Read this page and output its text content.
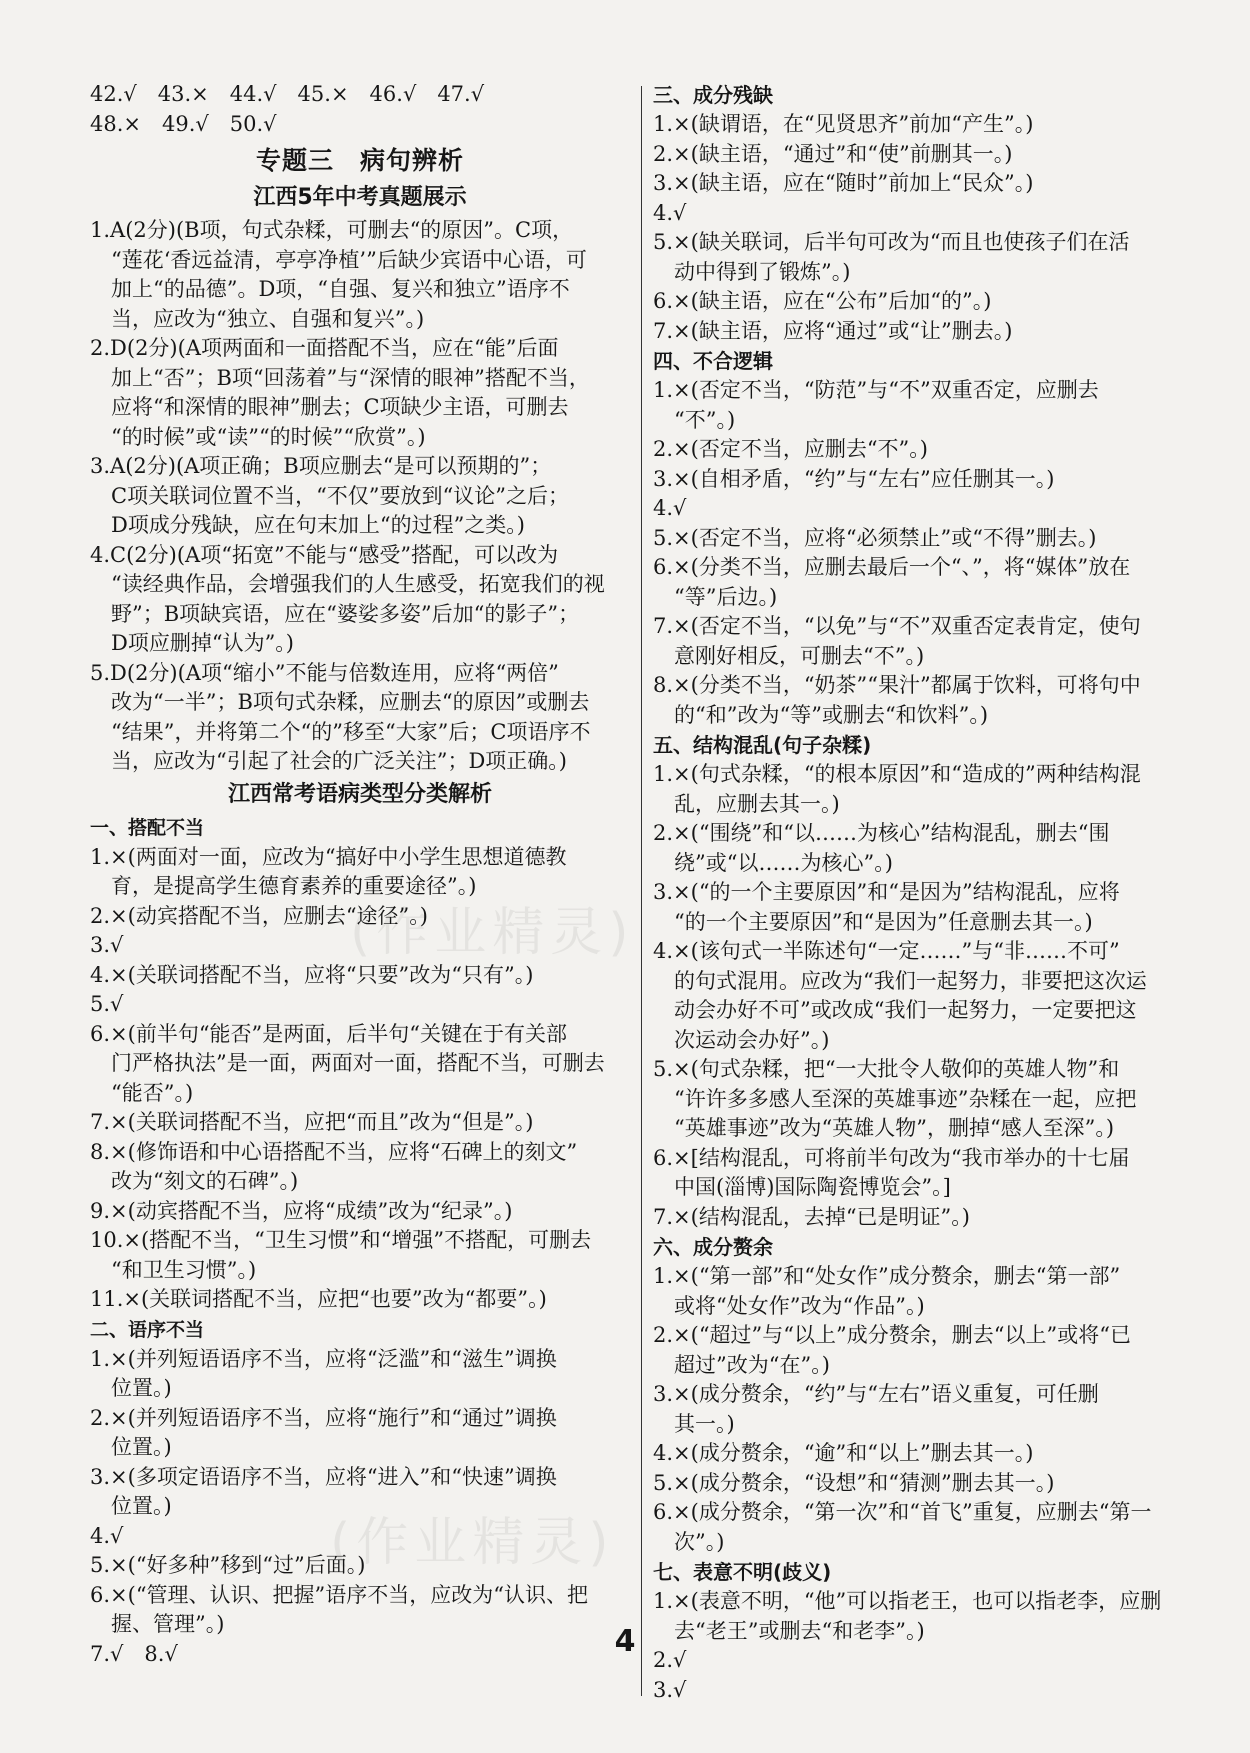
42.√　43.×　44.√　45.×　46.√　47.√
48.×　49.√　50.√
专题三　病句辨析
江西5年中考真题展示
1.A(2分)(B项，句式杂糅，可删去“的原因”。C项，
“莲花‘香远益清，亭亭净植’”后缺少宾语中心语，可
加上“的品德”。D项，“自强、复兴和独立”语序不
当，应改为“独立、自强和复兴”。)
2.D(2分)(A项两面和一面搭配不当，应在“能”后面
加上“否”；B项“回荡着”与“深情的眼神”搭配不当，
应将“和深情的眼神”删去；C项缺少主语，可删去
“的时候”或“读”“的时候”“欣赏”。)
3.A(2分)(A项正确；B项应删去“是可以预期的”；
C项关联词位置不当，“不仅”要放到“议论”之后；
D项成分残缺，应在句末加上“的过程”之类。)
4.C(2分)(A项“拓宽”不能与“感受”搭配，可以改为
“读经典作品，会增强我们的人生感受，拓宽我们的视
野”；B项缺宾语，应在“婆娑多姿”后加“的影子”；
D项应删掉“认为”。)
5.D(2分)(A项“缩小”不能与倍数连用，应将“两倍”
改为“一半”；B项句式杂糅，应删去“的原因”或删去
“结果”，并将第二个“的”移至“大家”后；C项语序不
当，应改为“引起了社会的广泛关注”；D项正确。)
江西常考语病类型分类解析
一、搭配不当
1.×(两面对一面，应改为“搞好中小学生思想道德教
育，是提高学生德育素养的重要途径”。)
2.×(动宾搭配不当，应删去“途径”。)
3.√
4.×(关联词搭配不当，应将“只要”改为“只有”。)
5.√
6.×(前半句“能否”是两面，后半句“关键在于有关部
门严格执法”是一面，两面对一面，搭配不当，可删去
“能否”。)
7.×(关联词搭配不当，应把“而且”改为“但是”。)
8.×(修饰语和中心语搭配不当，应将“石碑上的刻文”
改为“刻文的石碑”。)
9.×(动宾搭配不当，应将“成绩”改为“纪录”。)
10.×(搭配不当，“卫生习惯”和“增强”不搭配，可删去
“和卫生习惯”。)
11.×(关联词搭配不当，应把“也要”改为“都要”。)
二、语序不当
1.×(并列短语语序不当，应将“泛滥”和“滋生”调换
位置。)
2.×(并列短语语序不当，应将“施行”和“通过”调换
位置。)
3.×(多项定语语序不当，应将“进入”和“快速”调换
位置。)
4.√
5.×(“好多种”移到“过”后面。)
6.×(“管理、认识、把握”语序不当，应改为“认识、把
握、管理”。)
7.√　8.√
三、成分残缺
1.×(缺谓语，在“见贤思齐”前加“产生”。)
2.×(缺主语，“通过”和“使”前删其一。)
3.×(缺主语，应在“随时”前加上“民众”。)
4.√
5.×(缺关联词，后半句可改为“而且也使孩子们在活
动中得到了锻炼”。)
6.×(缺主语，应在“公布”后加“的”。)
7.×(缺主语，应将“通过”或“让”删去。)
四、不合逻辑
1.×(否定不当，“防范”与“不”双重否定，应删去
“不”。)
2.×(否定不当，应删去“不”。)
3.×(自相矛盾，“约”与“左右”应任删其一。)
4.√
5.×(否定不当，应将“必须禁止”或“不得”删去。)
6.×(分类不当，应删去最后一个“、”，将“媒体”放在
“等”后边。)
7.×(否定不当，“以免”与“不”双重否定表肯定，使句
意刚好相反，可删去“不”。)
8.×(分类不当，“奶茶”“果汁”都属于饮料，可将句中
的“和”改为“等”或删去“和饮料”。)
五、结构混乱(句子杂糅)
1.×(句式杂糅，“的根本原因”和“造成的”两种结构混
乱，应删去其一。)
2.×(“围绕”和“以……为核心”结构混乱，删去“围
绕”或“以……为核心”。)
3.×(“的一个主要原因”和“是因为”结构混乱，应将
“的一个主要原因”和“是因为”任意删去其一。)
4.×(该句式一半陈述句“一定……”与“非……不可”
的句式混用。应改为“我们一起努力，非要把这次运
动会办好不可”或改成“我们一起努力，一定要把这
次运动会办好”。)
5.×(句式杂糅，把“一大批令人敬仰的英雄人物”和
“许许多多感人至深的英雄事迹”杂糅在一起，应把
“英雄事迹”改为“英雄人物”，删掉“感人至深”。)
6.×[结构混乱，可将前半句改为“我市举办的十七届
中国(淄博)国际陶瓷博览会”。]
7.×(结构混乱，去掉“已是明证”。)
六、成分赘余
1.×(“第一部”和“处女作”成分赘余，删去“第一部”
或将“处女作”改为“作品”。)
2.×(“超过”与“以上”成分赘余，删去“以上”或将“已
超过”改为“在”。)
3.×(成分赘余，“约”与“左右”语义重复，可任删
其一。)
4.×(成分赘余，“逾”和“以上”删去其一。)
5.×(成分赘余，“设想”和“猜测”删去其一。)
6.×(成分赘余，“第一次”和“首飞”重复，应删去“第一
次”。)
七、表意不明(歧义)
1.×(表意不明，“他”可以指老王，也可以指老李，应删
去“老王”或删去“和老李”。)
2.√
3.√
4
(作业精灵)
(作业精灵)
